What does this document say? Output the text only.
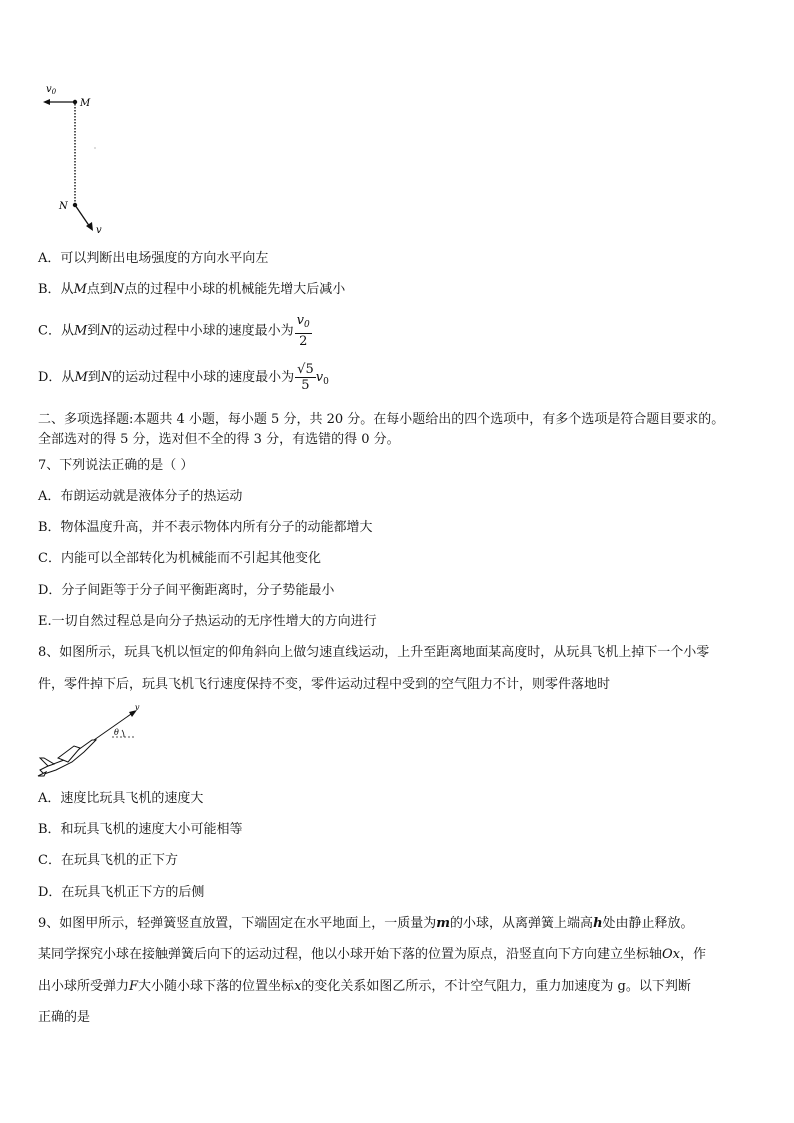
$v_0$
M
N
v
A．可以判断出电场强度的方向水平向左
B．从M点到N点的过程中小球的机械能先增大后减小
C．从M到N的运动过程中小球的速度最小为 $\frac{v_0}{2}$
D．从M到N的运动过程中小球的速度最小为 $\frac{√5}{5} v_0$
二、多项选择题:本题共 4 小题，每小题 5 分，共 20 分。在每小题给出的四个选项中，有多个选项是符合题目要求的。
全部选对的得 5 分，选对但不全的得 3 分，有选错的得 0 分。
7、下列说法正确的是（ ）
A．布朗运动就是液体分子的热运动
B．物体温度升高，并不表示物体内所有分子的动能都增大
C．内能可以全部转化为机械能而不引起其他变化
D．分子间距等于分子间平衡距离时，分子势能最小
E.一切自然过程总是向分子热运动的无序性增大的方向进行
8、如图所示，玩具飞机以恒定的仰角斜向上做匀速直线运动，上升至距离地面某高度时，从玩具飞机上掉下一个小零
件，零件掉下后，玩具飞机飞行速度保持不变，零件运动过程中受到的空气阻力不计，则零件落地时
v
θ
A．速度比玩具飞机的速度大
B．和玩具飞机的速度大小可能相等
C．在玩具飞机的正下方
D．在玩具飞机正下方的后侧
9、如图甲所示，轻弹簧竖直放置，下端固定在水平地面上，一质量为m的小球，从离弹簧上端高h处由静止释放。
某同学探究小球在接触弹簧后向下的运动过程，他以小球开始下落的位置为原点，沿竖直向下方向建立坐标轴Ox，作
出小球所受弹力F大小随小球下落的位置坐标x的变化关系如图乙所示，不计空气阻力，重力加速度为 g。以下判断
正确的是
